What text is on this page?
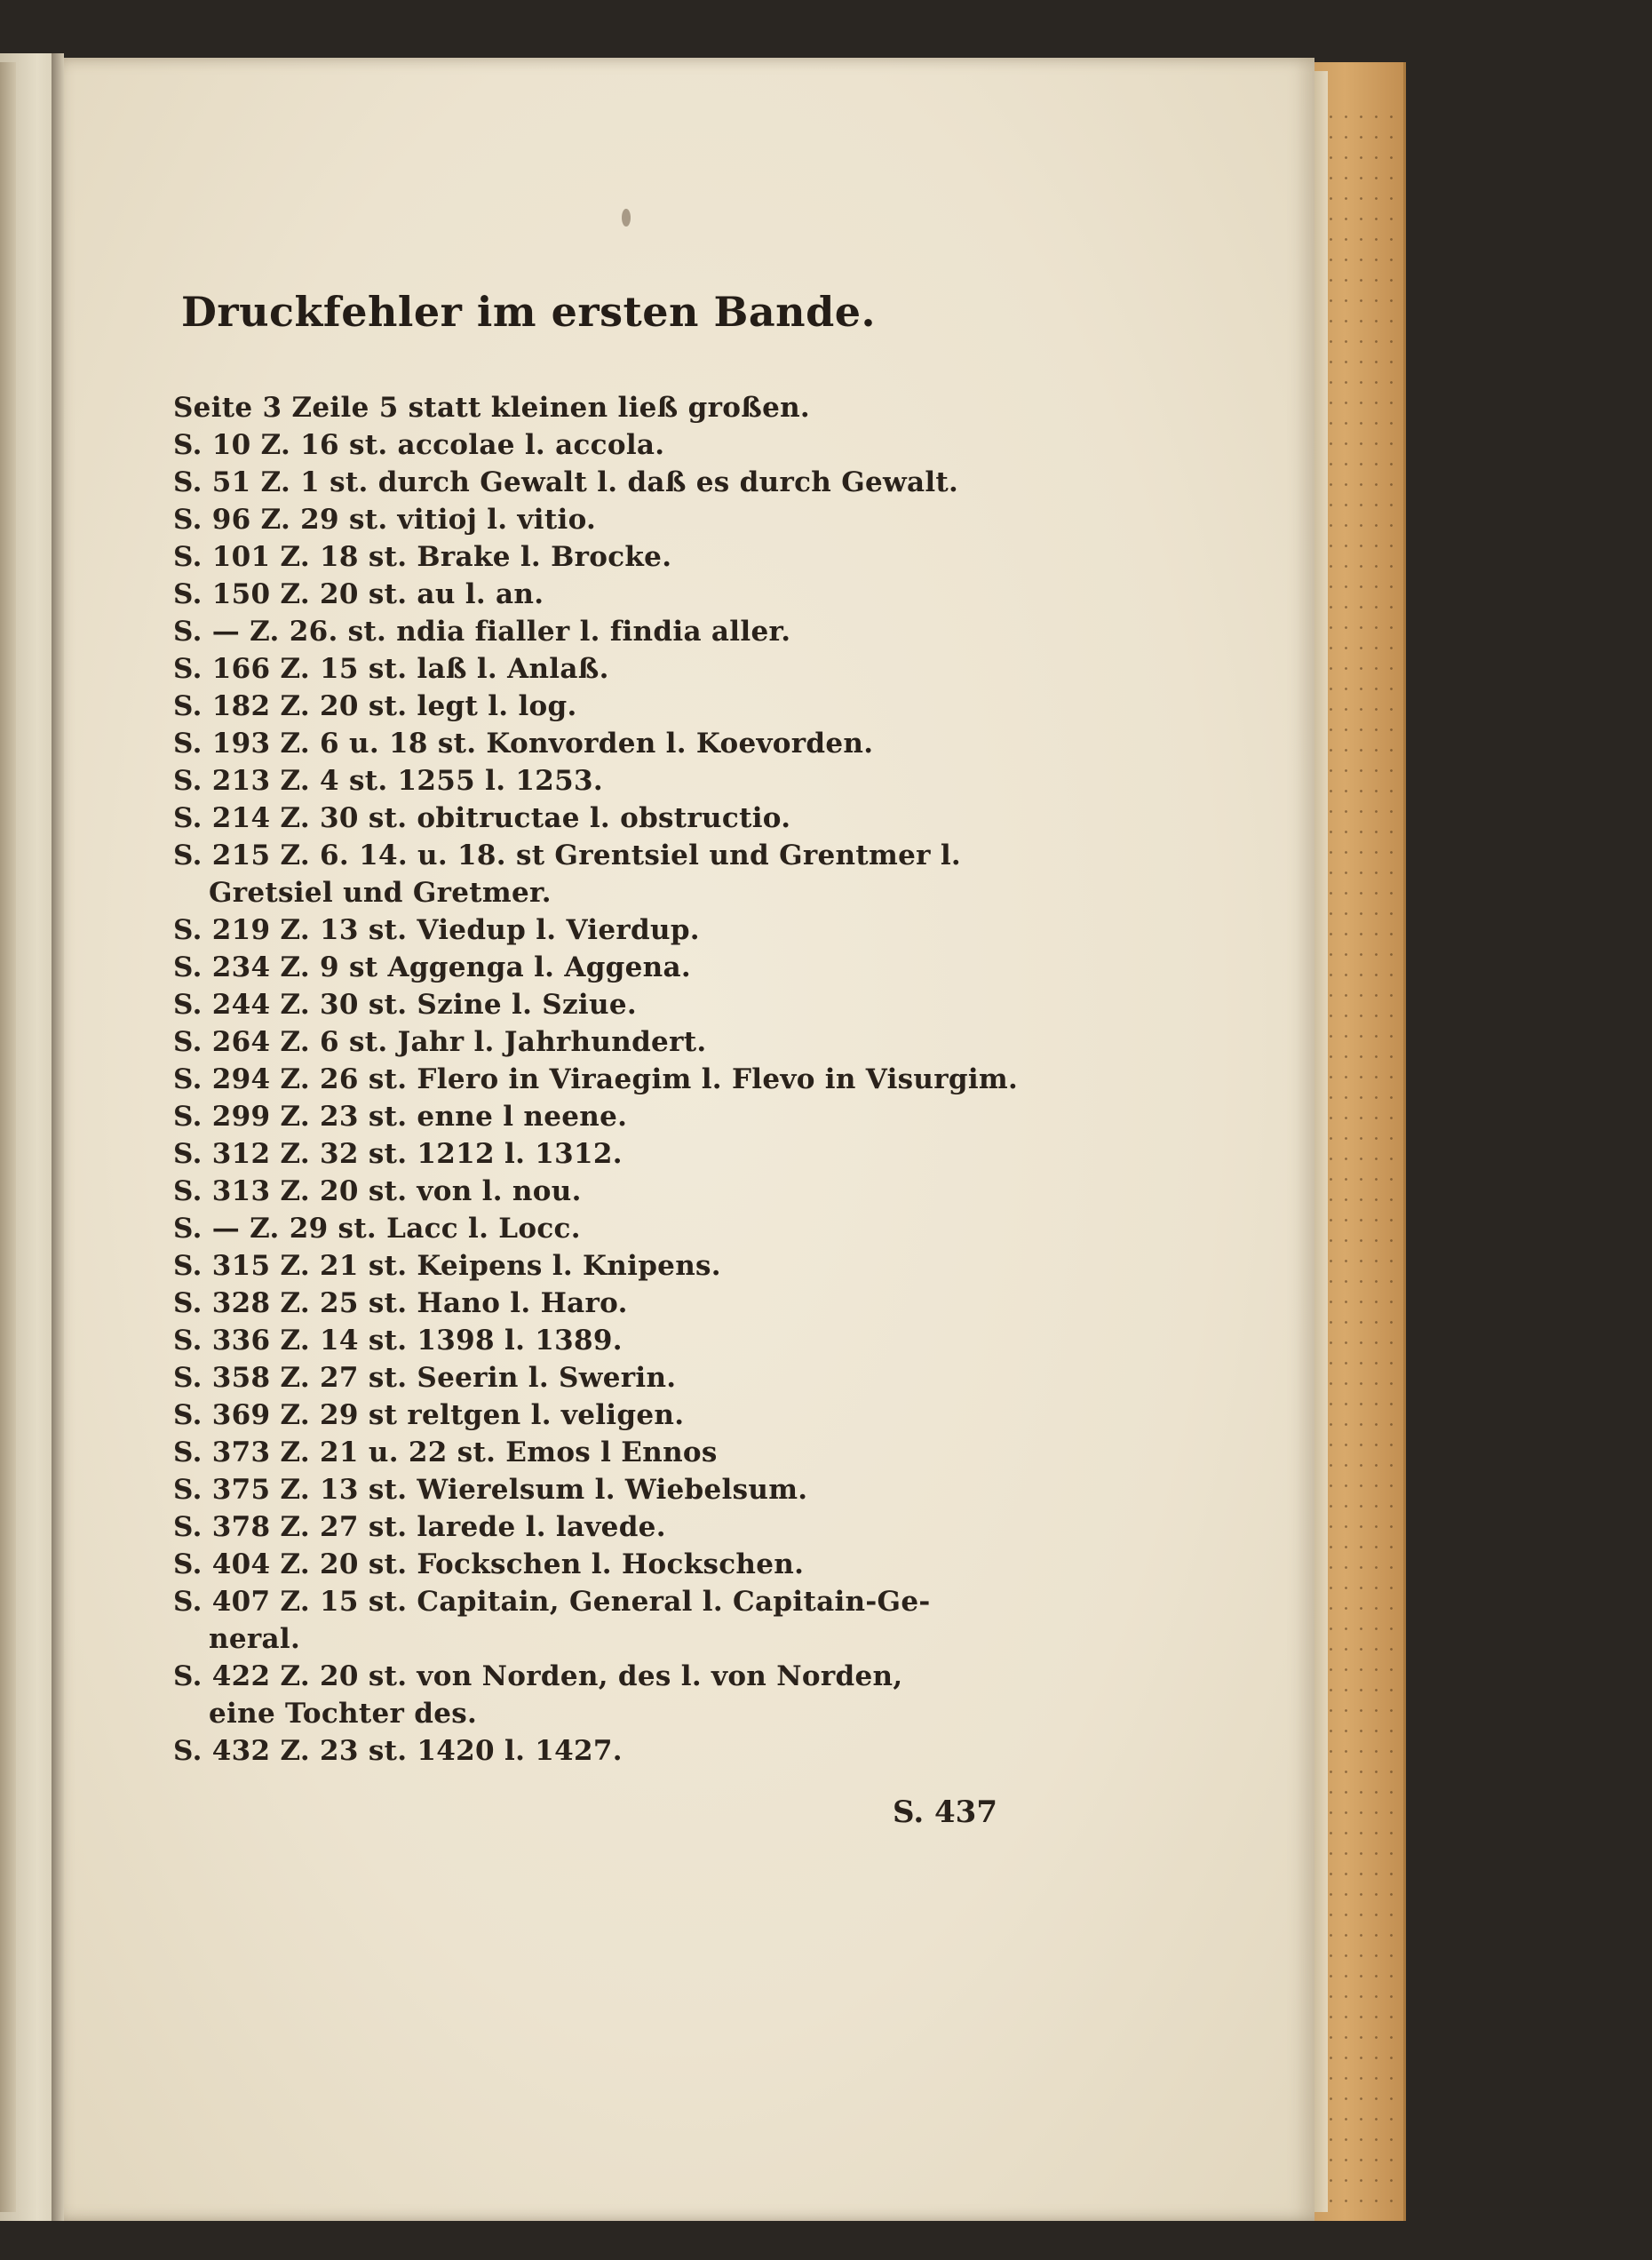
Druckfehler im ersten Bande.
Seite 3 Zeile 5 statt kleinen ließ großen.
S. 10 Z. 16 st. accolae l. accola.
S. 51 Z. 1 st. durch Gewalt l. daß es durch Gewalt.
S. 96 Z. 29 st. vitioj l. vitio.
S. 101 Z. 18 st. Brake l. Brocke.
S. 150 Z. 20 st. au l. an.
S. — Z. 26. st. ndia fialler l. findia aller.
S. 166 Z. 15 st. laß l. Anlaß.
S. 182 Z. 20 st. legt l. log.
S. 193 Z. 6 u. 18 st. Konvorden l. Koevorden.
S. 213 Z. 4 st. 1255 l. 1253.
S. 214 Z. 30 st. obitructae l. obstructio.
S. 215 Z. 6. 14. u. 18. st Grentsiel und Grentmer l.
Gretsiel und Gretmer.
S. 219 Z. 13 st. Viedup l. Vierdup.
S. 234 Z. 9 st Aggenga l. Aggena.
S. 244 Z. 30 st. Szine l. Sziue.
S. 264 Z. 6 st. Jahr l. Jahrhundert.
S. 294 Z. 26 st. Flero in Viraegim l. Flevo in Visurgim.
S. 299 Z. 23 st. enne l neene.
S. 312 Z. 32 st. 1212 l. 1312.
S. 313 Z. 20 st. von l. nou.
S. — Z. 29 st. Lacc l. Locc.
S. 315 Z. 21 st. Keipens l. Knipens.
S. 328 Z. 25 st. Hano l. Haro.
S. 336 Z. 14 st. 1398 l. 1389.
S. 358 Z. 27 st. Seerin l. Swerin.
S. 369 Z. 29 st reltgen l. veligen.
S. 373 Z. 21 u. 22 st. Emos l Ennos
S. 375 Z. 13 st. Wierelsum l. Wiebelsum.
S. 378 Z. 27 st. larede l. lavede.
S. 404 Z. 20 st. Fockschen l. Hockschen.
S. 407 Z. 15 st. Capitain, General l. Capitain-Ge-
neral.
S. 422 Z. 20 st. von Norden, des l. von Norden,
eine Tochter des.
S. 432 Z. 23 st. 1420 l. 1427.
S. 437
